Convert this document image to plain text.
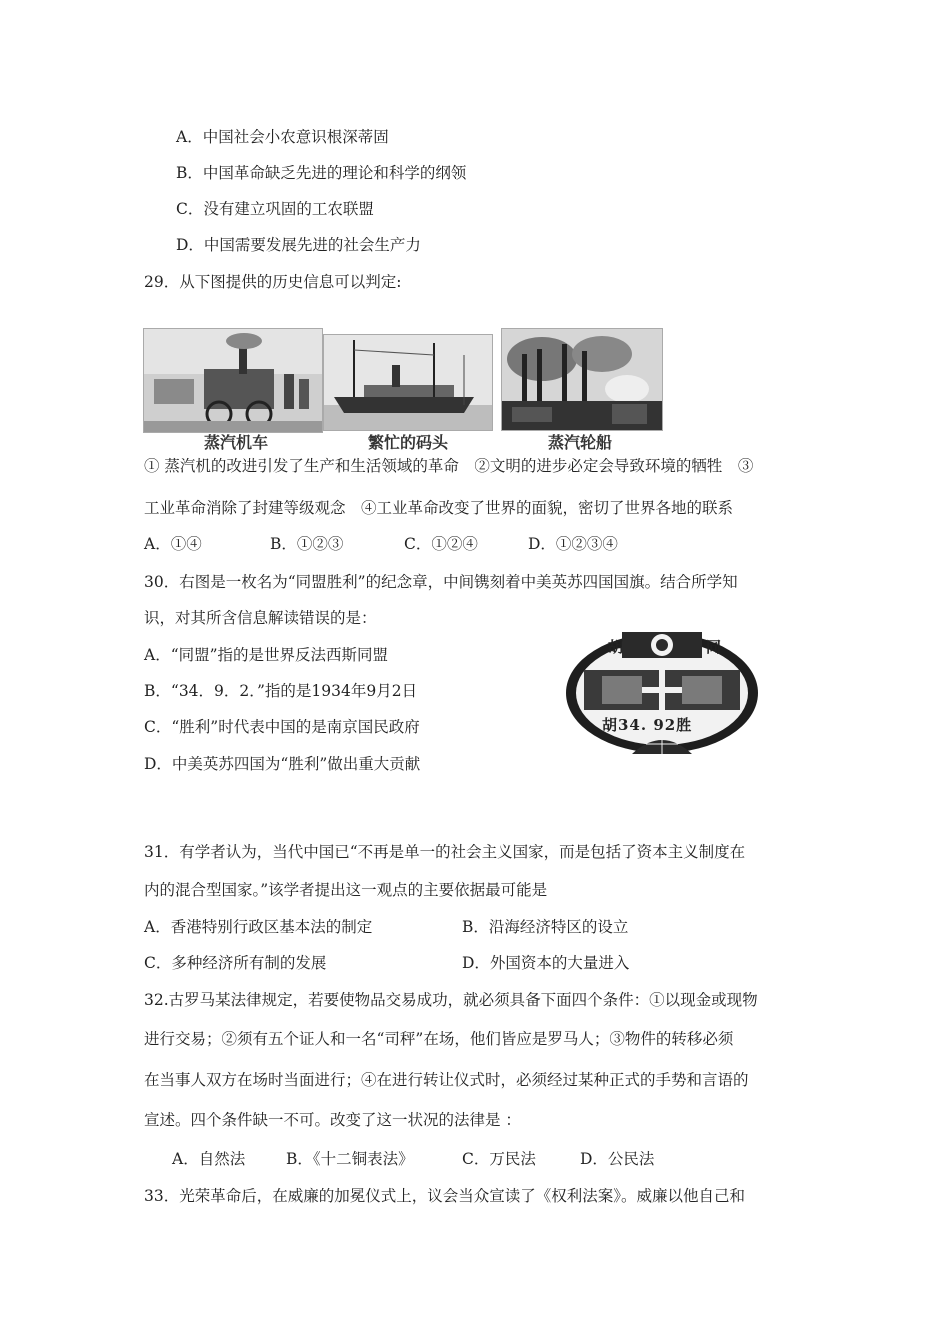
A．中国社会小农意识根深蒂固
B．中国革命缺乏先进的理论和科学的纲领
C．没有建立巩固的工农联盟
D．中国需要发展先进的社会生产力
29．从下图提供的历史信息可以判定:
蒸汽机车	繁忙的码头	蒸汽轮船
① 蒸汽机的改进引发了生产和生活领域的革命　②文明的进步必定会导致环境的牺牲　③
工业革命消除了封建等级观念　④工业革命改变了世界的面貌，密切了世界各地的联系
A．①④	B．①②③	C．①②④	D．①②③④
30．右图是一枚名为“同盟胜利”的纪念章，中间镌刻着中美英苏四国国旗。结合所学知
识，对其所含信息解读错误的是：
A．“同盟”指的是世界反法西斯同盟
B．“34．9．2．”指的是1934年9月2日
C．“胜利”时代表中国的是南京国民政府
D．中美英苏四国为“胜利”做出重大贡献
胡	同
胡34. 92胜
31．有学者认为，当代中国已“不再是单一的社会主义国家，而是包括了资本主义制度在
内的混合型国家。”该学者提出这一观点的主要依据最可能是
A．香港特别行政区基本法的制定	B．沿海经济特区的设立
C．多种经济所有制的发展	D．外国资本的大量进入
32.古罗马某法律规定，若要使物品交易成功，就必须具备下面四个条件：①以现金或现物
进行交易；②须有五个证人和一名“司秤”在场，他们皆应是罗马人；③物件的转移必须
在当事人双方在场时当面进行；④在进行转让仪式时，必须经过某种正式的手势和言语的
宣述。四个条件缺一不可。改变了这一状况的法律是 ：
A．自然法	B．《十二铜表法》	C．万民法	D．公民法
33．光荣革命后，在威廉的加冕仪式上，议会当众宣读了《权利法案》。威廉以他自己和
